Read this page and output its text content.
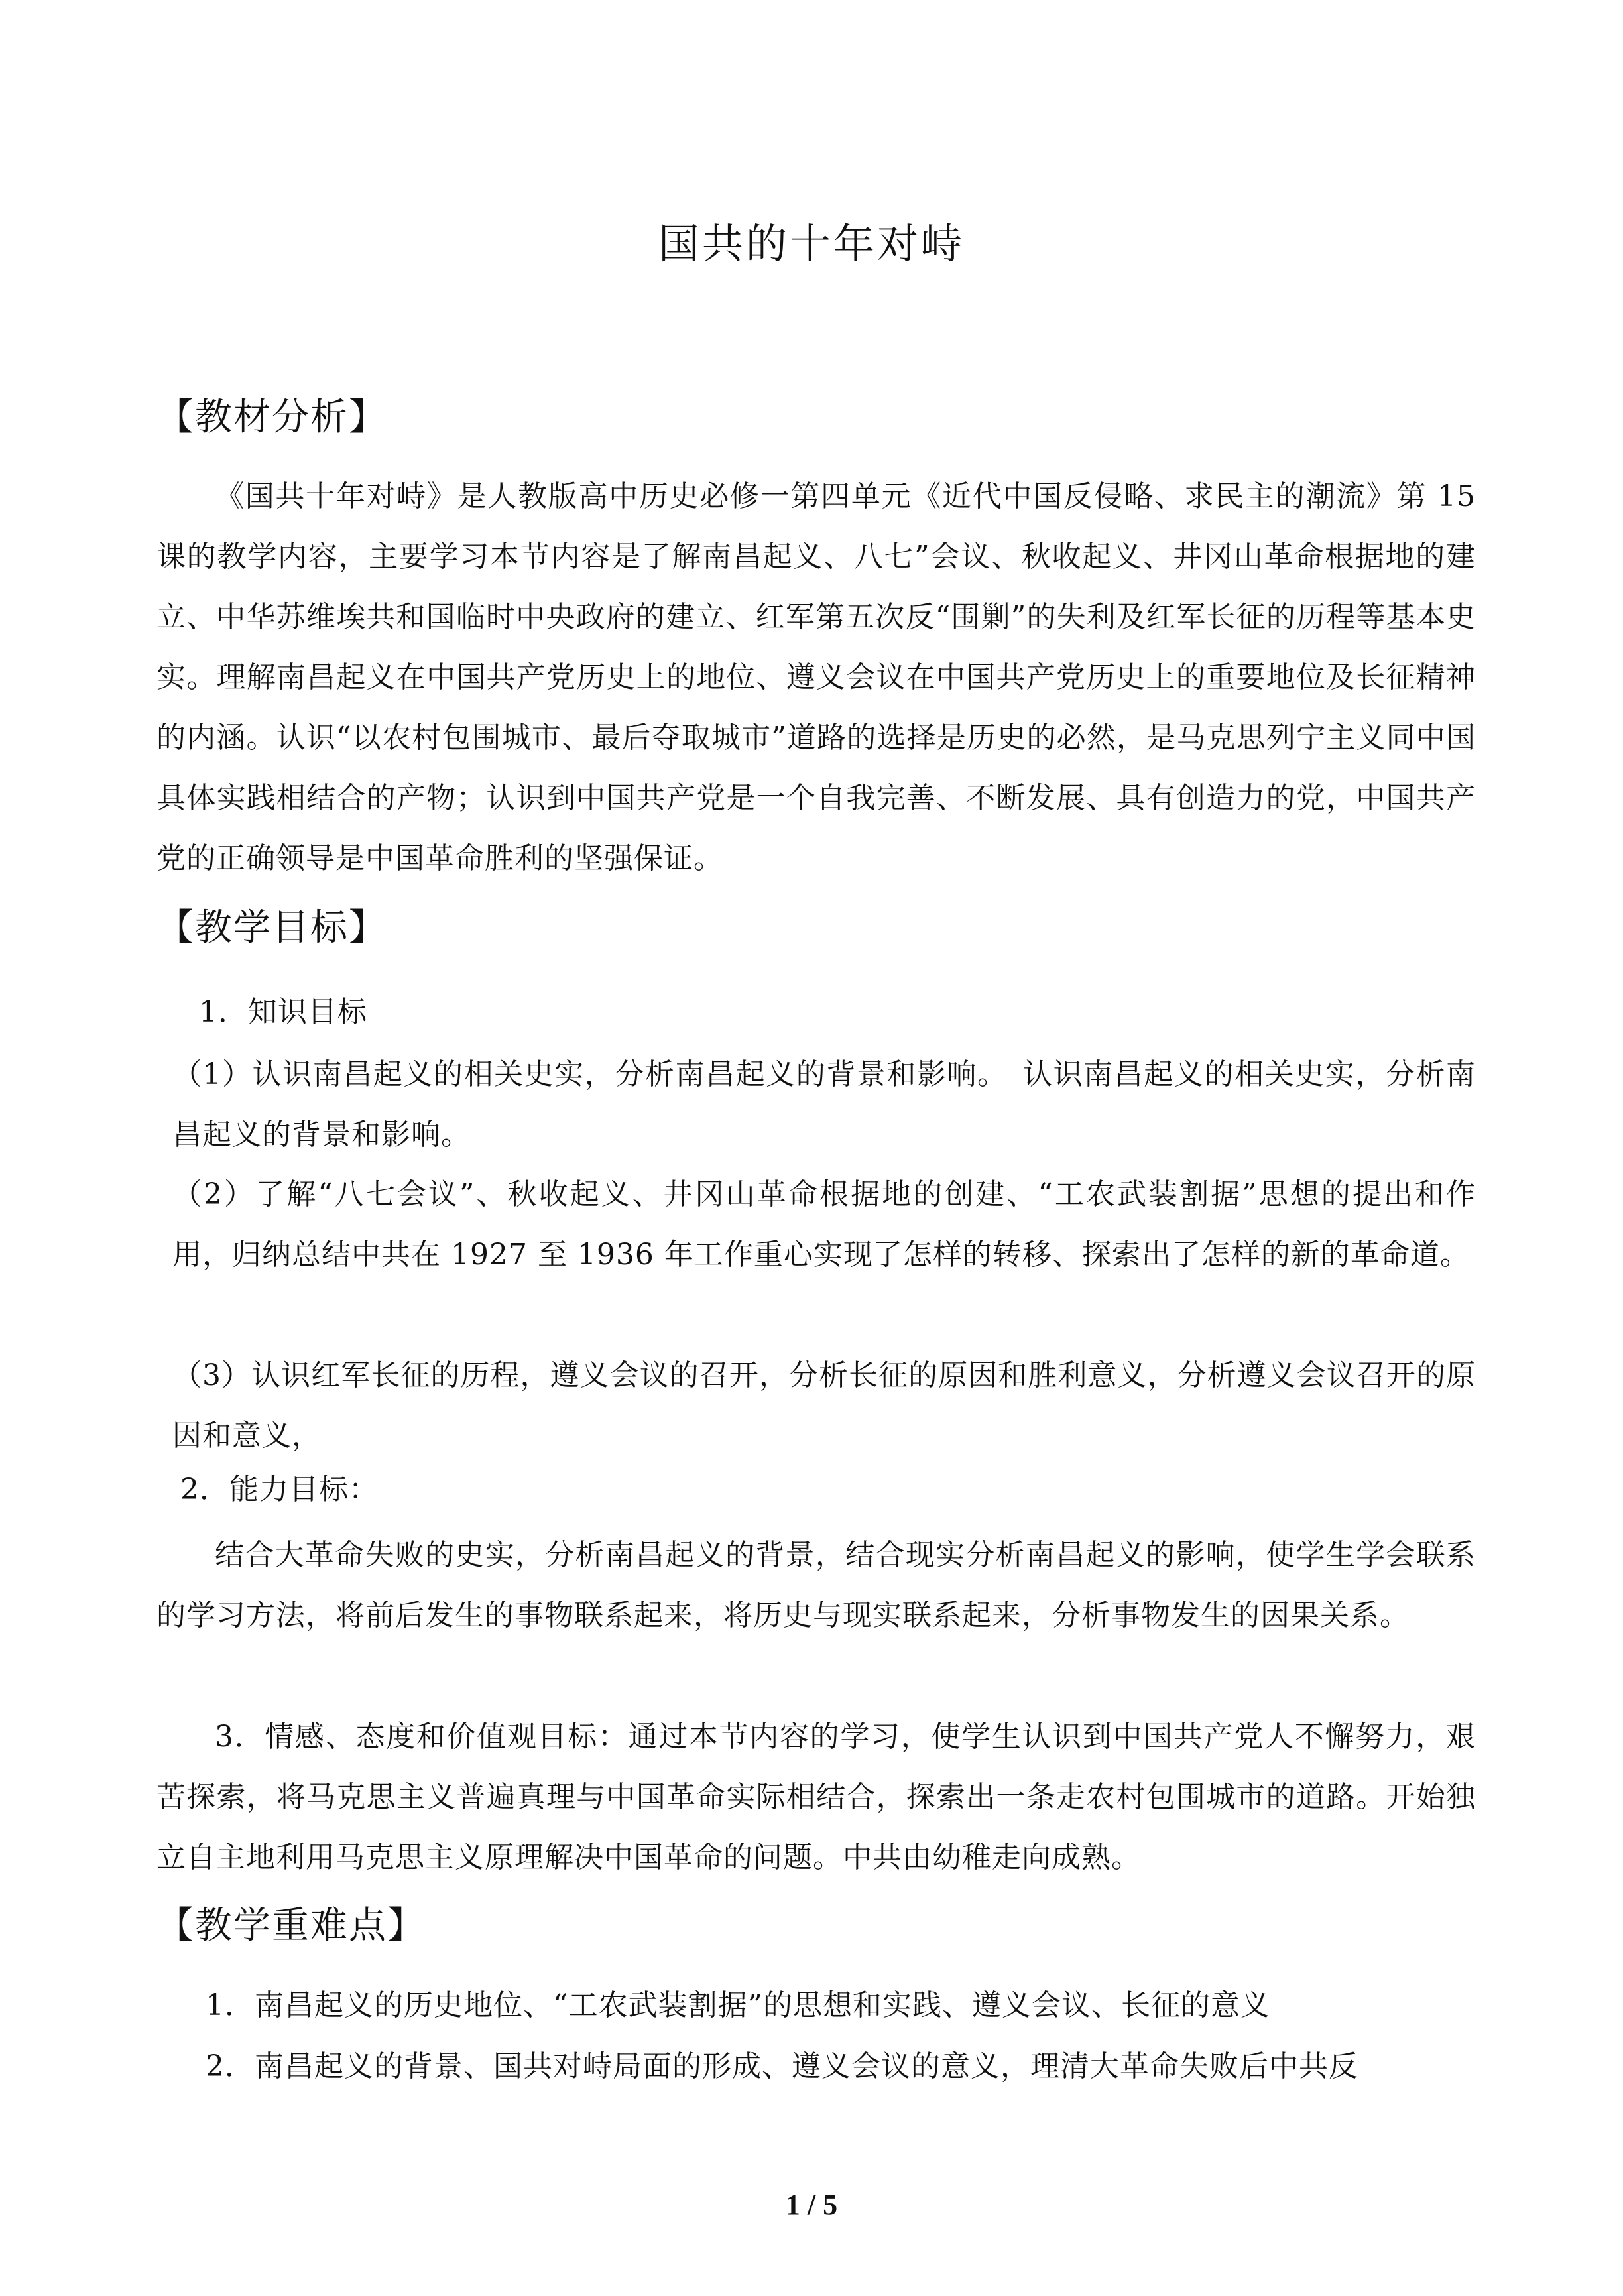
国共的十年对峙
【教材分析】
《国共十年对峙》是人教版高中历史必修一第四单元《近代中国反侵略、求民主的潮流》第 15 课的教学内容，主要学习本节内容是了解南昌起义、八七”会议、秋收起义、井冈山革命根据地的建立、中华苏维埃共和国临时中央政府的建立、红军第五次反“围剿”的失利及红军长征的历程等基本史实。理解南昌起义在中国共产党历史上的地位、遵义会议在中国共产党历史上的重要地位及长征精神的内涵。认识“以农村包围城市、最后夺取城市”道路的选择是历史的必然，是马克思列宁主义同中国具体实践相结合的产物；认识到中国共产党是一个自我完善、不断发展、具有创造力的党，中国共产党的正确领导是中国革命胜利的坚强保证。
【教学目标】
1．知识目标
（1）认识南昌起义的相关史实，分析南昌起义的背景和影响。　认识南昌起义的相关史实，分析南昌起义的背景和影响。
（2）了解“八七会议”、秋收起义、井冈山革命根据地的创建、“工农武装割据”思想的提出和作用，归纳总结中共在 1927 至 1936 年工作重心实现了怎样的转移、探索出了怎样的新的革命道。
（3）认识红军长征的历程，遵义会议的召开，分析长征的原因和胜利意义，分析遵义会议召开的原因和意义，
2．能力目标：
结合大革命失败的史实，分析南昌起义的背景，结合现实分析南昌起义的影响，使学生学会联系的学习方法，将前后发生的事物联系起来，将历史与现实联系起来，分析事物发生的因果关系。
3．情感、态度和价值观目标：通过本节内容的学习，使学生认识到中国共产党人不懈努力，艰苦探索，将马克思主义普遍真理与中国革命实际相结合，探索出一条走农村包围城市的道路。开始独立自主地利用马克思主义原理解决中国革命的问题。中共由幼稚走向成熟。
【教学重难点】
1．南昌起义的历史地位、“工农武装割据”的思想和实践、遵义会议、长征的意义
2．南昌起义的背景、国共对峙局面的形成、遵义会议的意义，理清大革命失败后中共反
1 / 5
